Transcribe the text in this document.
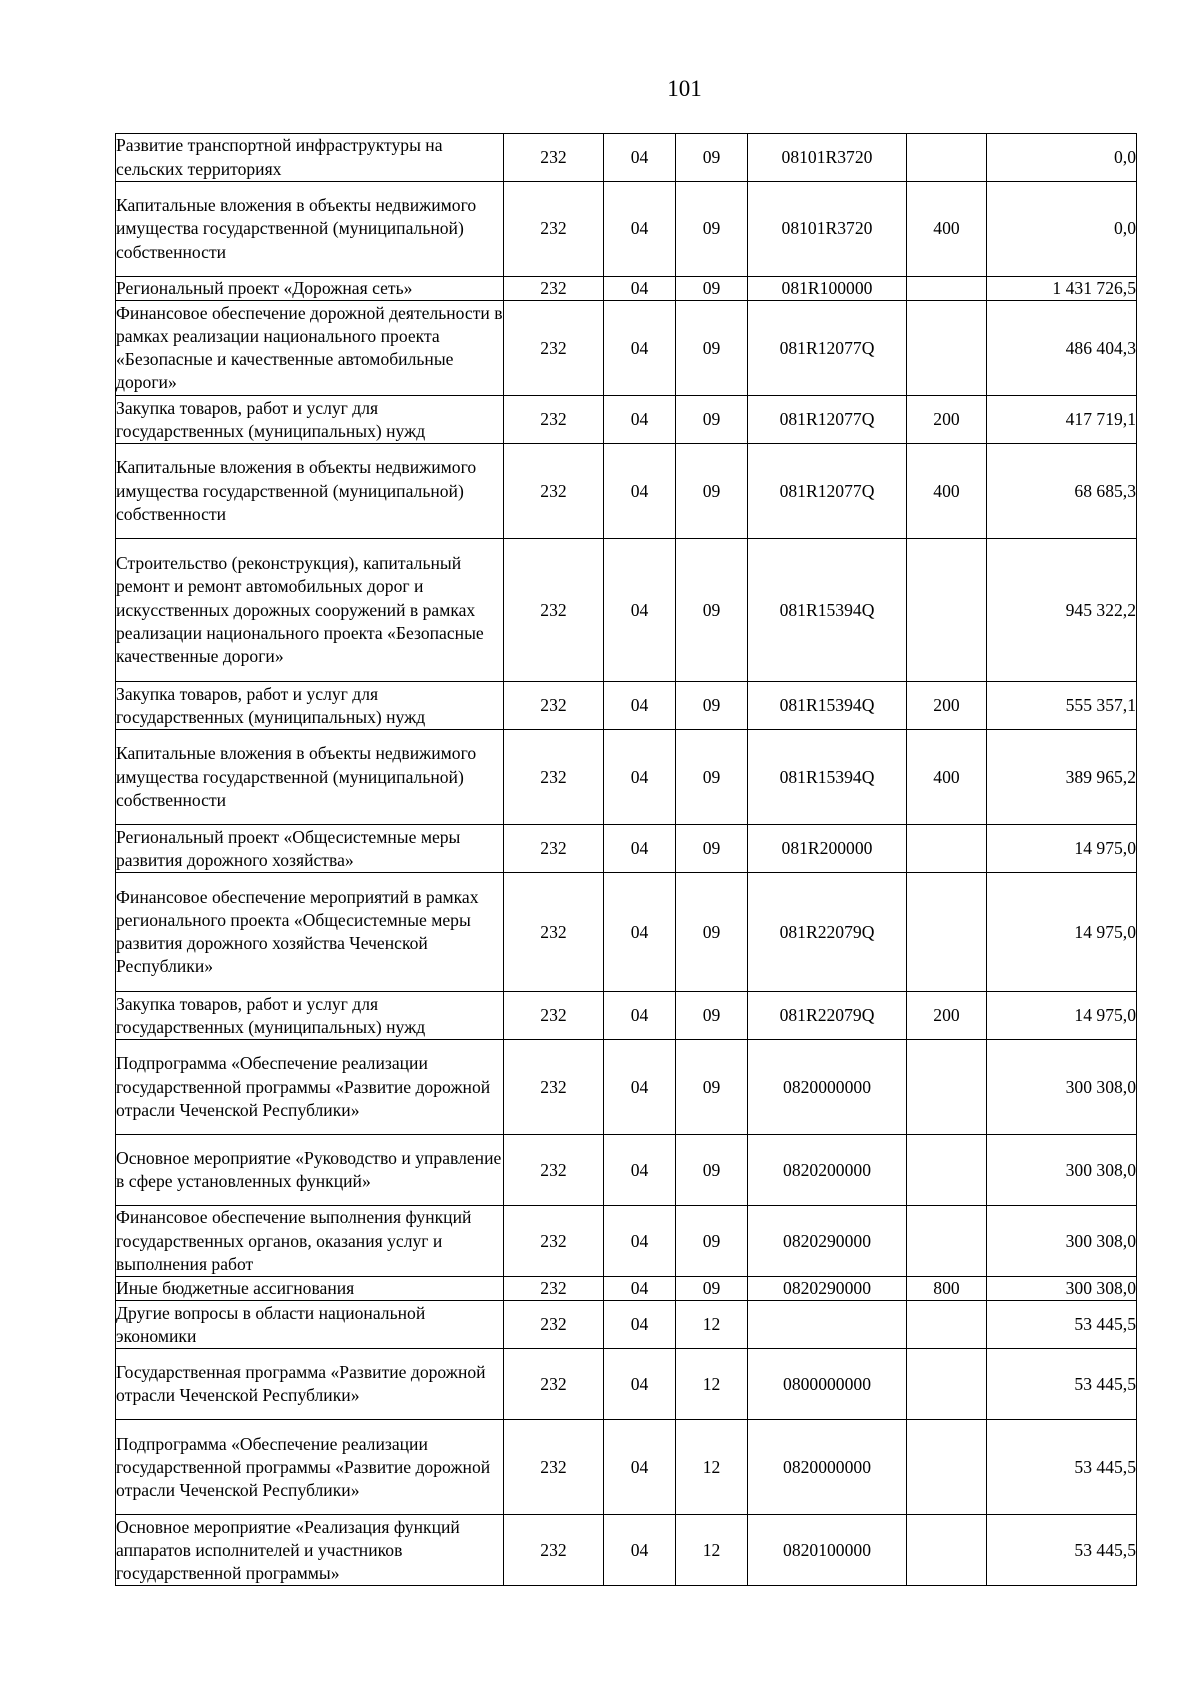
101
Развитие транспортной инфраструктуры на сельских территориях	232	04	09	08101R3720		0,0
Капитальные вложения в объекты недвижимого имущества государственной (муниципальной) собственности	232	04	09	08101R3720	400	0,0
Региональный проект «Дорожная сеть»	232	04	09	081R100000		1 431 726,5
Финансовое обеспечение дорожной деятельности в рамках реализации национального проекта «Безопасные и качественные автомобильные дороги»	232	04	09	081R12077Q		486 404,3
Закупка товаров, работ и услуг для государственных (муниципальных) нужд	232	04	09	081R12077Q	200	417 719,1
Капитальные вложения в объекты недвижимого имущества государственной (муниципальной) собственности	232	04	09	081R12077Q	400	68 685,3
Строительство (реконструкция), капитальный ремонт и ремонт автомобильных дорог и искусственных дорожных сооружений в рамках реализации национального проекта «Безопасные качественные дороги»	232	04	09	081R15394Q		945 322,2
Закупка товаров, работ и услуг для государственных (муниципальных) нужд	232	04	09	081R15394Q	200	555 357,1
Капитальные вложения в объекты недвижимого имущества государственной (муниципальной) собственности	232	04	09	081R15394Q	400	389 965,2
Региональный проект «Общесистемные меры развития дорожного хозяйства»	232	04	09	081R200000		14 975,0
Финансовое обеспечение мероприятий в рамках регионального проекта «Общесистемные меры развития дорожного хозяйства Чеченской Республики»	232	04	09	081R22079Q		14 975,0
Закупка товаров, работ и услуг для государственных (муниципальных) нужд	232	04	09	081R22079Q	200	14 975,0
Подпрограмма «Обеспечение реализации государственной программы «Развитие дорожной отрасли Чеченской Республики»	232	04	09	0820000000		300 308,0
Основное мероприятие «Руководство и управление в сфере установленных функций»	232	04	09	0820200000		300 308,0
Финансовое обеспечение выполнения функций государственных органов, оказания услуг и выполнения работ	232	04	09	0820290000		300 308,0
Иные бюджетные ассигнования	232	04	09	0820290000	800	300 308,0
Другие вопросы в области национальной экономики	232	04	12			53 445,5
Государственная программа «Развитие дорожной отрасли Чеченской Республики»	232	04	12	0800000000		53 445,5
Подпрограмма «Обеспечение реализации государственной программы «Развитие дорожной отрасли Чеченской Республики»	232	04	12	0820000000		53 445,5
Основное мероприятие «Реализация функций аппаратов исполнителей и участников государственной программы»	232	04	12	0820100000		53 445,5
